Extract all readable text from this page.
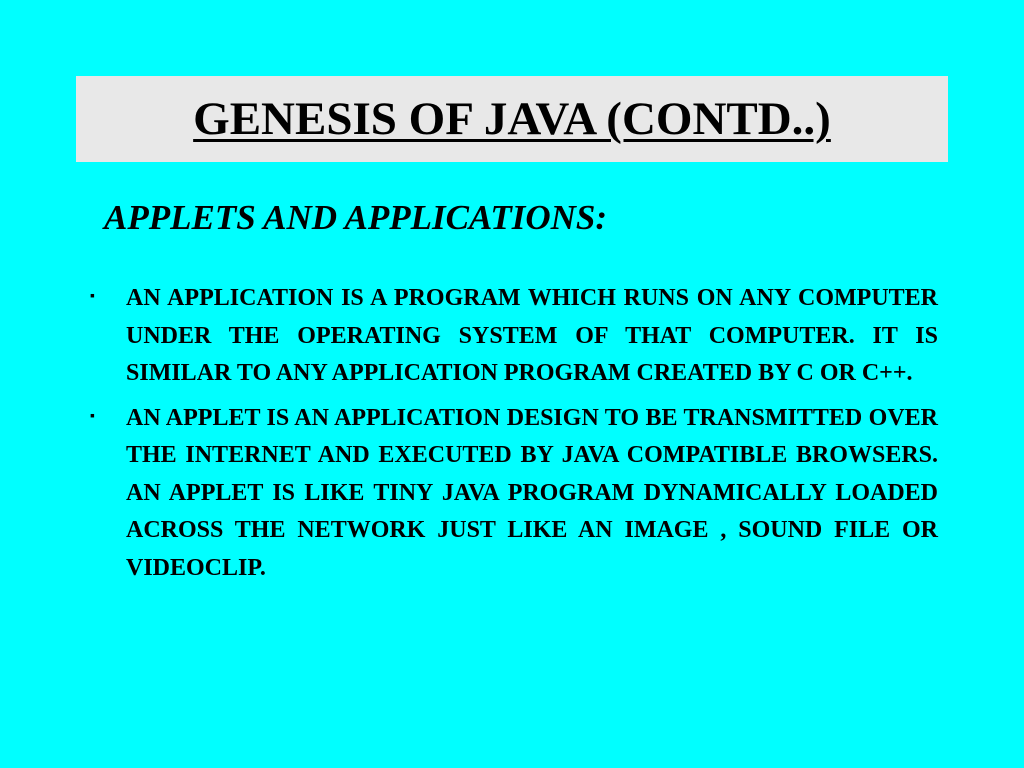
GENESIS OF JAVA (CONTD..)
APPLETS AND APPLICATIONS:
▪ AN APPLICATION IS A PROGRAM WHICH RUNS ON ANY COMPUTER UNDER THE OPERATING SYSTEM OF THAT COMPUTER. IT IS SIMILAR TO ANY APPLICATION PROGRAM CREATED BY C OR C++.
▪ AN APPLET IS AN APPLICATION DESIGN TO BE TRANSMITTED OVER THE INTERNET AND EXECUTED BY JAVA COMPATIBLE BROWSERS. AN APPLET IS LIKE TINY JAVA PROGRAM DYNAMICALLY LOADED ACROSS THE NETWORK JUST LIKE AN IMAGE , SOUND FILE OR VIDEOCLIP.
